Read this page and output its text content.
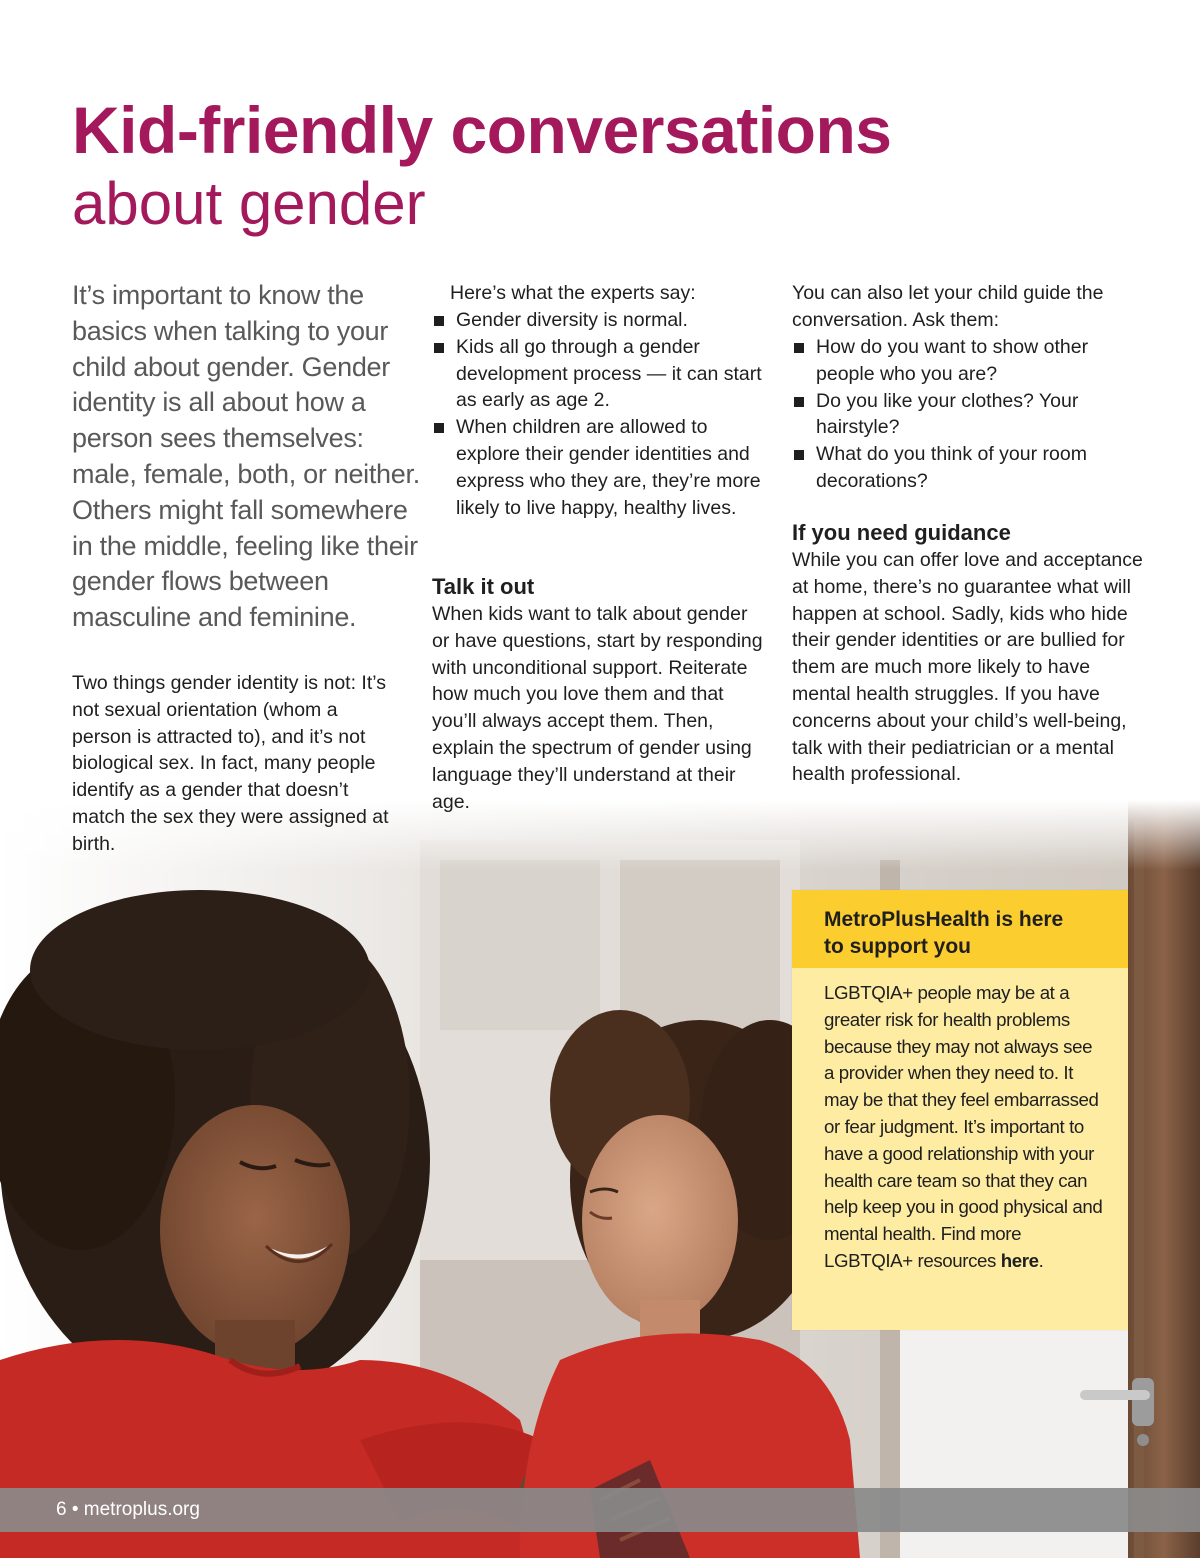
Kid-friendly conversations
about gender

It’s important to know the basics when talking to your child about gender. Gender identity is all about how a person sees themselves: male, female, both, or neither. Others might fall somewhere in the middle, feeling like their gender flows between masculine and feminine.

Two things gender identity is not: It’s not sexual orientation (whom a person is attracted to), and it’s not biological sex. In fact, many people identify as a gender that doesn’t match the sex they were assigned at birth.

Here’s what the experts say:

Gender diversity is normal.
Kids all go through a gender development process — it can start as early as age 2.
When children are allowed to explore their gender identities and express who they are, they’re more likely to live happy, healthy lives.
Talk it out

When kids want to talk about gender or have questions, start by responding with unconditional support. Reiterate how much you love them and that you’ll always accept them. Then, explain the spectrum of gender using language they’ll understand at their age.

You can also let your child guide the conversation. Ask them:

How do you want to show other people who you are?
Do you like your clothes? Your hairstyle?
What do you think of your room decorations?
If you need guidance

While you can offer love and acceptance at home, there’s no guarantee what will happen at school. Sadly, kids who hide their gender identities or are bullied for them are much more likely to have mental health struggles. If you have concerns about your child’s well-being, talk with their pediatrician or a mental health professional.

MetroPlusHealth is here
to support you
LGBTQIA+ people may be at a greater risk for health problems because they may not always see a provider when they need to. It may be that they feel embarrassed or fear judgment. It’s important to have a good relationship with your health care team so that they can help keep you in good physical and mental health. Find more LGBTQIA+ resources here.
6 • metroplus.org
